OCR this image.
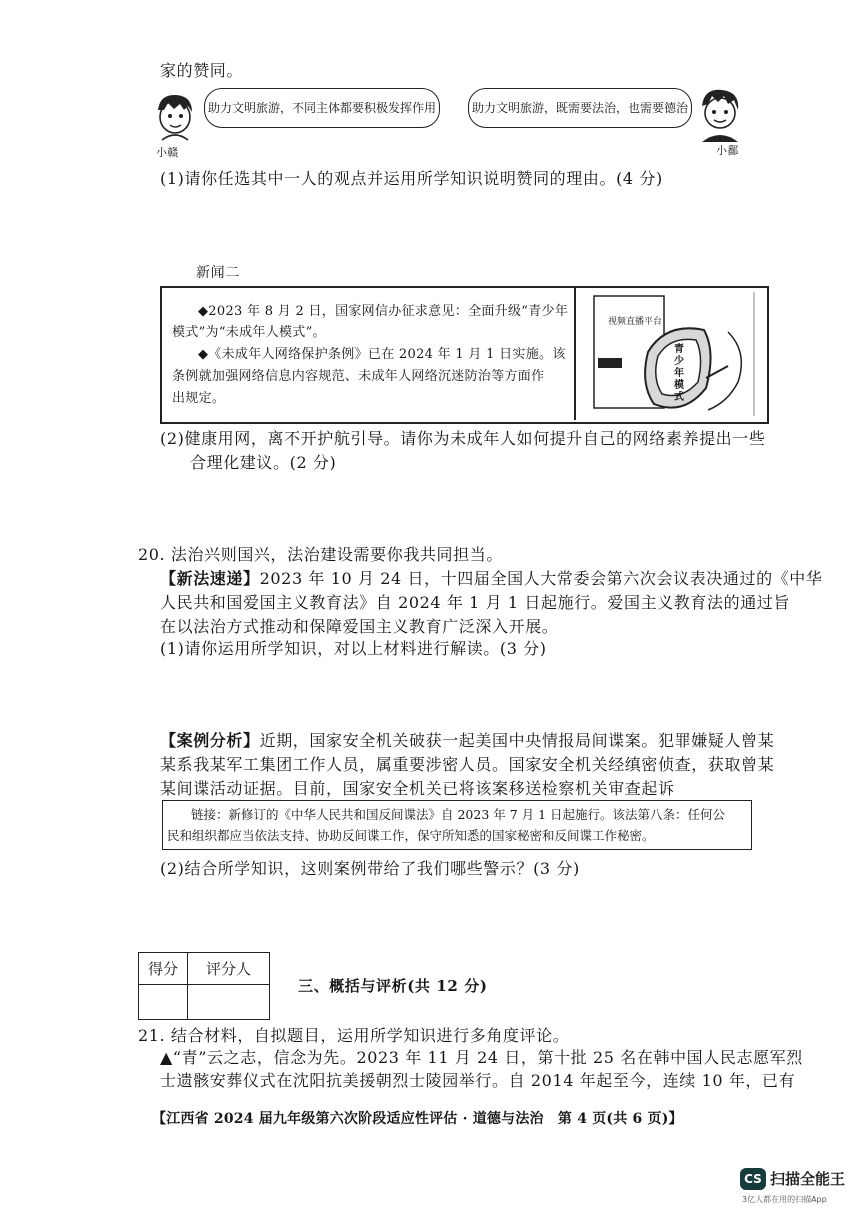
家的赞同。
小赣
助力文明旅游，不同主体都要积极发挥作用	助力文明旅游，既需要法治，也需要德治
小鄱
(1)请你任选其中一人的观点并运用所学知识说明赞同的理由。(4 分)
新闻二
◆2023 年 8 月 2 日，国家网信办征求意见：全面升级“青少年
模式”为“未成年人模式”。
◆《未成年人网络保护条例》已在 2024 年 1 月 1 日实施。该
条例就加强网络信息内容规范、未成年人网络沉迷防治等方面作
出规定。
视频直播平台
青少年模式
(2)健康用网，离不开护航引导。请你为未成年人如何提升自己的网络素养提出一些
合理化建议。(2 分)
20. 法治兴则国兴，法治建设需要你我共同担当。
【新法速递】2023 年 10 月 24 日，十四届全国人大常委会第六次会议表决通过的《中华
人民共和国爱国主义教育法》自 2024 年 1 月 1 日起施行。爱国主义教育法的通过旨
在以法治方式推动和保障爱国主义教育广泛深入开展。
(1)请你运用所学知识，对以上材料进行解读。(3 分)
【案例分析】近期，国家安全机关破获一起美国中央情报局间谍案。犯罪嫌疑人曾某
某系我某军工集团工作人员，属重要涉密人员。国家安全机关经缜密侦查，获取曾某
某间谍活动证据。目前，国家安全机关已将该案移送检察机关审查起诉
链接：新修订的《中华人民共和国反间谍法》自 2023 年 7 月 1 日起施行。该法第八条：任何公
民和组织都应当依法支持、协助反间谍工作，保守所知悉的国家秘密和反间谍工作秘密。
(2)结合所学知识，这则案例带给了我们哪些警示？(3 分)
得分	评分人

三、概括与评析(共 12 分)
21. 结合材料，自拟题目，运用所学知识进行多角度评论。
▲“青”云之志，信念为先。2023 年 11 月 24 日，第十批 25 名在韩中国人民志愿军烈
士遗骸安葬仪式在沈阳抗美援朝烈士陵园举行。自 2014 年起至今，连续 10 年，已有
【江西省 2024 届九年级第六次阶段适应性评估 · 道德与法治　第 4 页(共 6 页)】
CS 扫描全能王
3亿人都在用的扫描App
